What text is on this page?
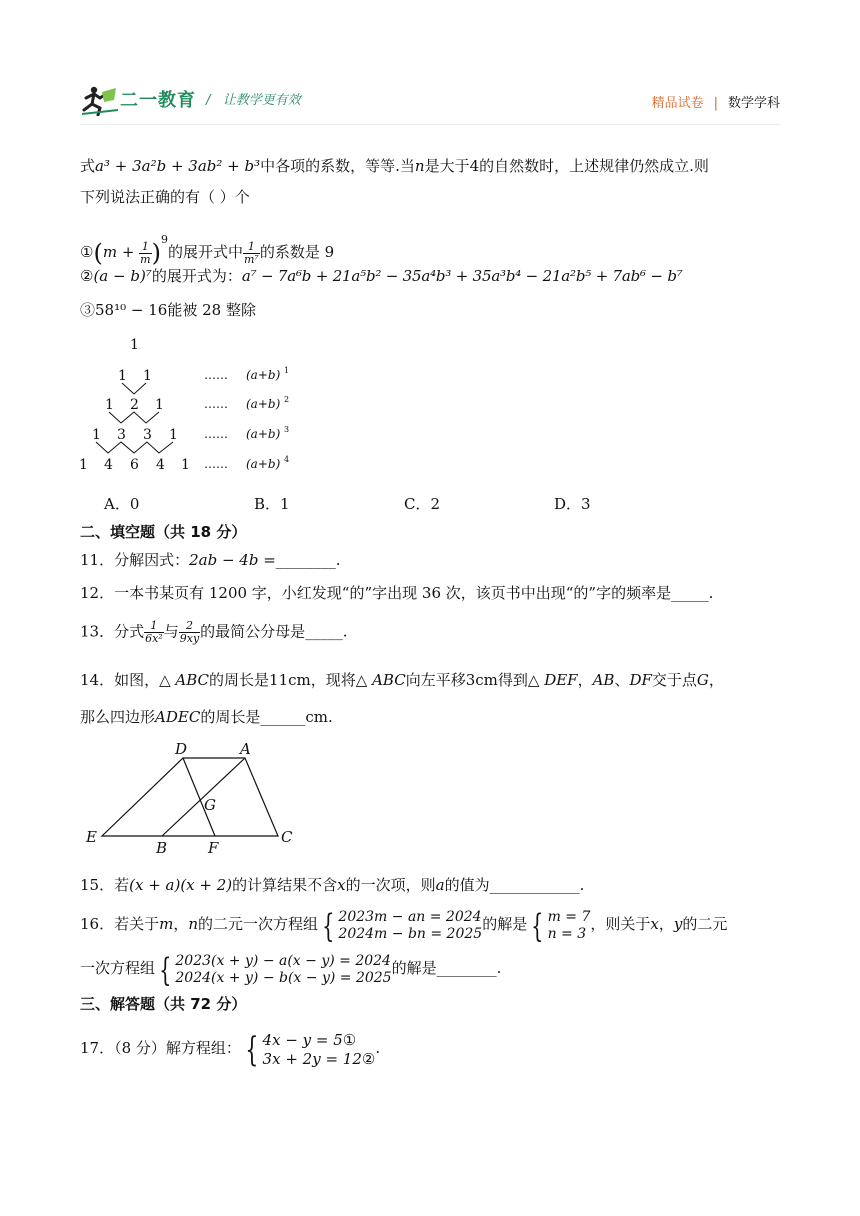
二一教育 / 让教学更有效	精品试卷 | 数学学科
式a³ + 3a²b + 3ab² + b³中各项的系数，等等.当n是大于4的自然数时，上述规律仍然成立.则
下列说法正确的有（ ）个
①(m + $\frac{1}{m} )^9$的展开式中 $\frac{1}{\text{m⁷}}$ 的系数是 9
②(a − b)⁷的展开式为：a⁷ − 7a⁶b + 21a⁵b² − 35a⁴b³ + 35a³b⁴ − 21a²b⁵ + 7ab⁶ − b⁷
③58¹⁰ − 16能被 28 整除
1
1 1
1 2 1
1 3 3 1
1 4 6 4 1
…… (a+b) 1
…… (a+b) 2
…… (a+b) 3
…… (a+b) 4
A．0	B．1	C．2	D．3
二、填空题（共 18 分）
11．分解因式：2ab − 4b =________.
12．一本书某页有 1200 字，小红发现“的”字出现 36 次，该页书中出现“的”字的频率是_____.
13．分式 $\frac{1}{\text{6x²}}$ 与 $\frac{2}{9xy}$ 的最简公分母是_____.
14．如图，△ ABC的周长是11cm，现将△ ABC向左平移3cm得到△ DEF，AB、DF交于点G，
那么四边形ADEC的周长是______cm.
D	A
G
E
B	F
C
15．若(x + a)(x + 2)的计算结果不含x的一次项，则a的值为____________.
16．若关于m，n的二元一次方程组 { 2023m − an = 2024
2024m − bn = 2025
的解是 { m = 7
n = 3
，则关于x，y的二元
一次方程组 { 2023(x + y) − a(x − y) = 2024
2024(x + y) − b(x − y) = 2025
的解是________.
三、解答题（共 72 分）
17．（8 分）解方程组： { 4x − y = 5①
3x + 2y = 12②
.
